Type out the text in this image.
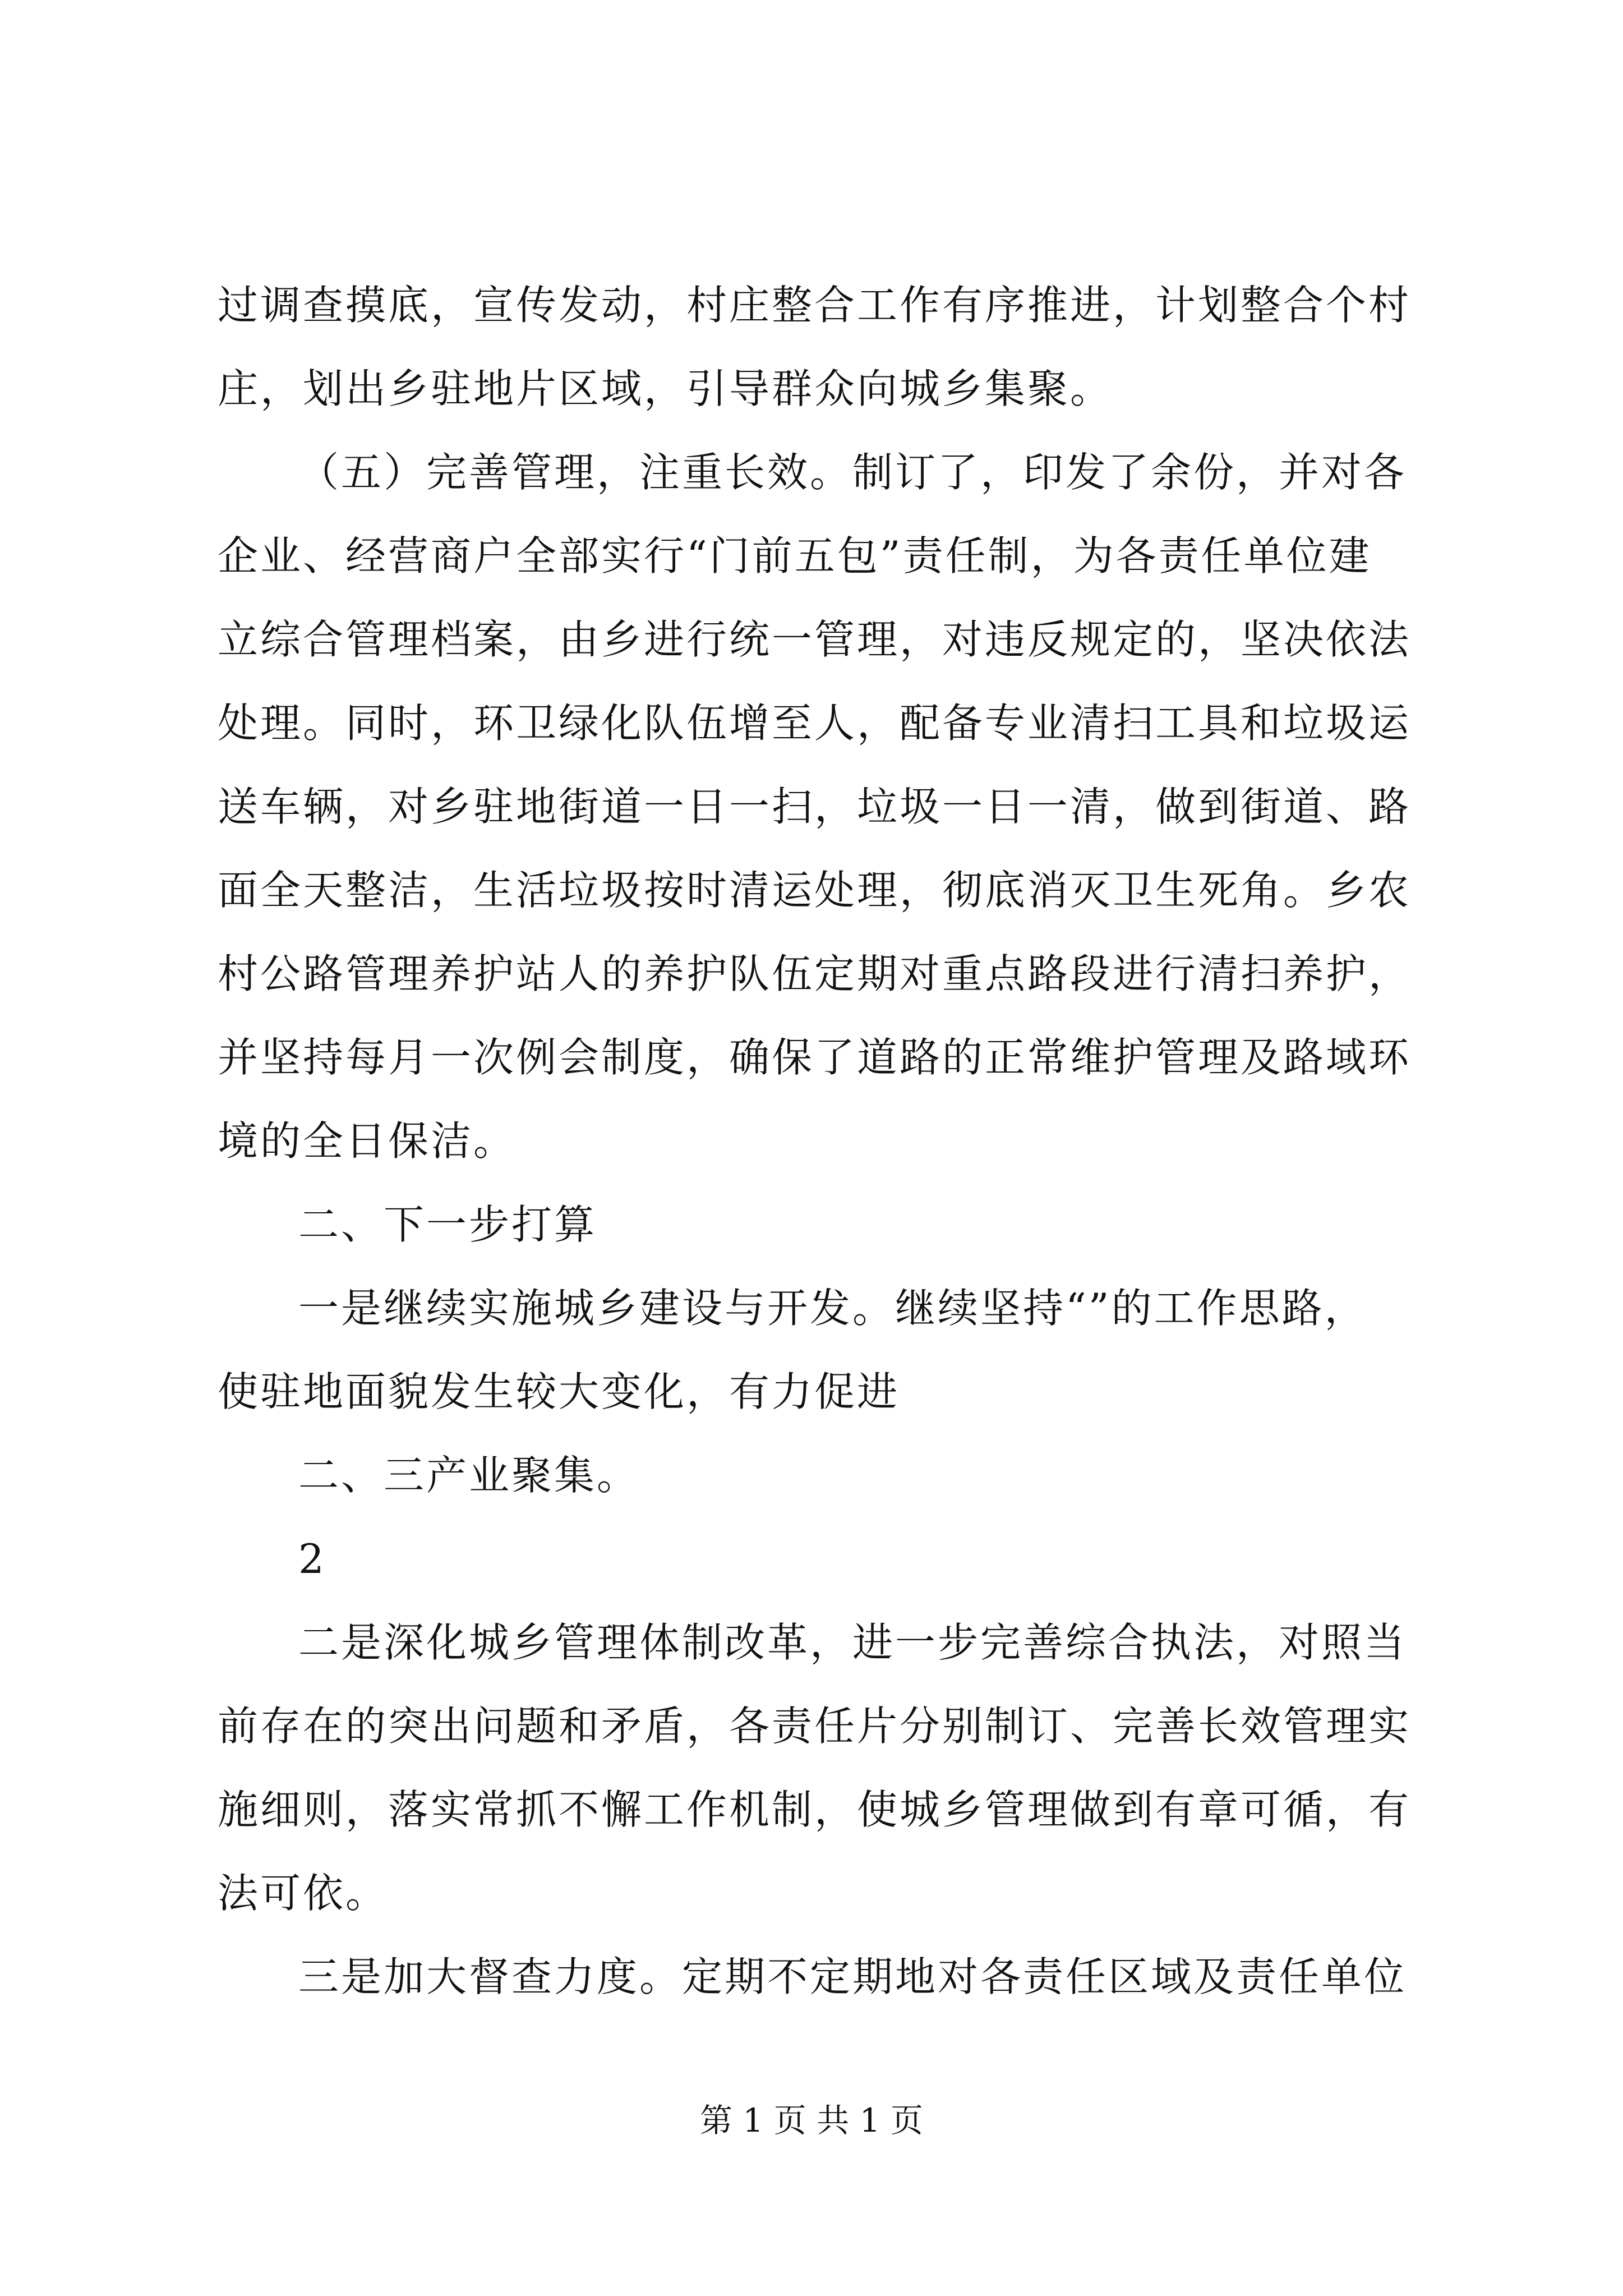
过调查摸底，宣传发动，村庄整合工作有序推进，计划整合个村
庄，划出乡驻地片区域，引导群众向城乡集聚。
（五）完善管理，注重长效。制订了，印发了余份，并对各
企业、经营商户全部实行“门前五包”责任制，为各责任单位建
立综合管理档案，由乡进行统一管理，对违反规定的，坚决依法
处理。同时，环卫绿化队伍增至人，配备专业清扫工具和垃圾运
送车辆，对乡驻地街道一日一扫，垃圾一日一清，做到街道、路
面全天整洁，生活垃圾按时清运处理，彻底消灭卫生死角。乡农
村公路管理养护站人的养护队伍定期对重点路段进行清扫养护，
并坚持每月一次例会制度，确保了道路的正常维护管理及路域环
境的全日保洁。
二、下一步打算
一是继续实施城乡建设与开发。继续坚持“”的工作思路，
使驻地面貌发生较大变化，有力促进
二、三产业聚集。
2
二是深化城乡管理体制改革，进一步完善综合执法，对照当
前存在的突出问题和矛盾，各责任片分别制订、完善长效管理实
施细则，落实常抓不懈工作机制，使城乡管理做到有章可循，有
法可依。
三是加大督查力度。定期不定期地对各责任区域及责任单位
第 1 页 共 1 页
